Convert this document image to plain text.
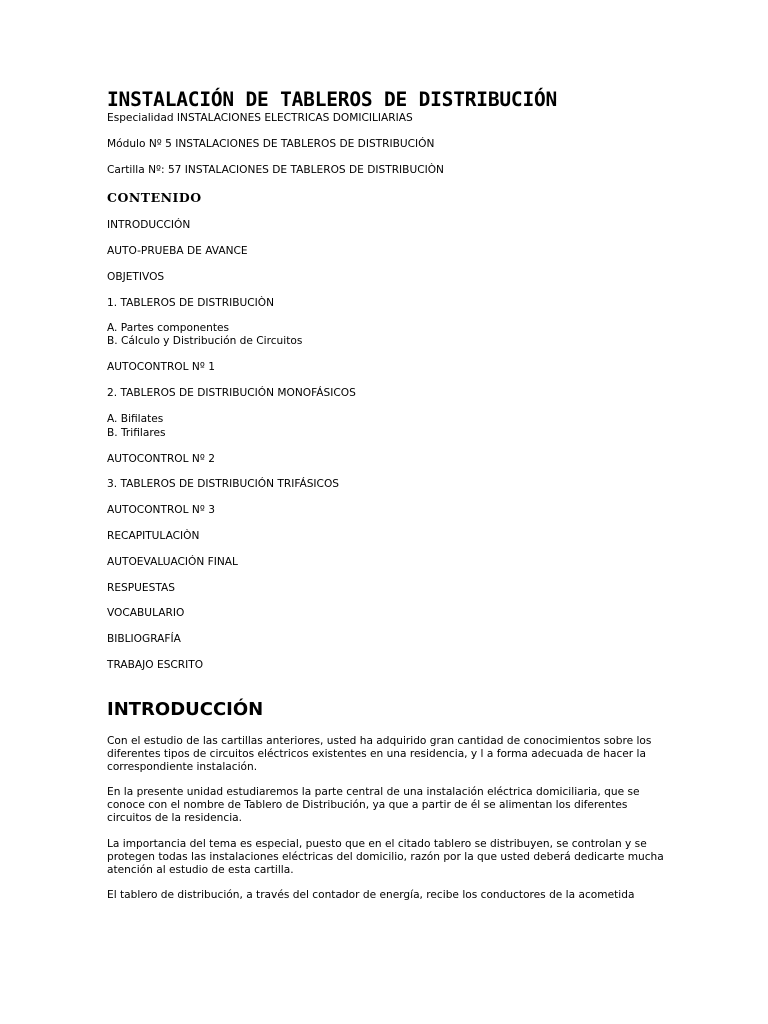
INSTALACIÓN DE TABLEROS DE DISTRIBUCIÓN

Especialidad INSTALACIONES ELECTRICAS DOMICILIARIAS

Módulo Nº 5 INSTALACIONES DE TABLEROS DE DISTRIBUCIÓN

Cartilla Nº: 57 INSTALACIONES DE TABLEROS DE DISTRIBUCIÒN

CONTENIDO

INTRODUCCIÓN

AUTO-PRUEBA DE AVANCE

OBJETIVOS

1. TABLEROS DE DISTRIBUCIÒN

A. Partes componentes

B. Cálculo y Distribución de Circuitos

AUTOCONTROL Nº 1

2. TABLEROS DE DISTRIBUCIÓN MONOFÁSICOS

A. Bifilates

B. Trifilares

AUTOCONTROL Nº 2

3. TABLEROS DE DISTRIBUCIÓN TRIFÁSICOS

AUTOCONTROL Nº 3

RECAPITULACIÒN

AUTOEVALUACIÓN FINAL

RESPUESTAS

VOCABULARIO

BIBLIOGRAFÍA

TRABAJO ESCRITO

INTRODUCCIÓN

Con el estudio de las cartillas anteriores, usted ha adquirido gran cantidad de conocimientos sobre los diferentes tipos de circuitos eléctricos existentes en una residencia, y l a forma adecuada de hacer la correspondiente instalación.

En la presente unidad estudiaremos la parte central de una instalación eléctrica domiciliaria, que se conoce con el nombre de Tablero de Distribución, ya que a partir de él se alimentan los diferentes circuitos de la residencia.

La importancia del tema es especial, puesto que en el citado tablero se distribuyen, se controlan y se protegen todas las instalaciones eléctricas del domicilio, razón por la que usted deberá dedicarte mucha atención al estudio de esta cartilla.

El tablero de distribución, a través del contador de energía, recibe los conductores de la acometida
